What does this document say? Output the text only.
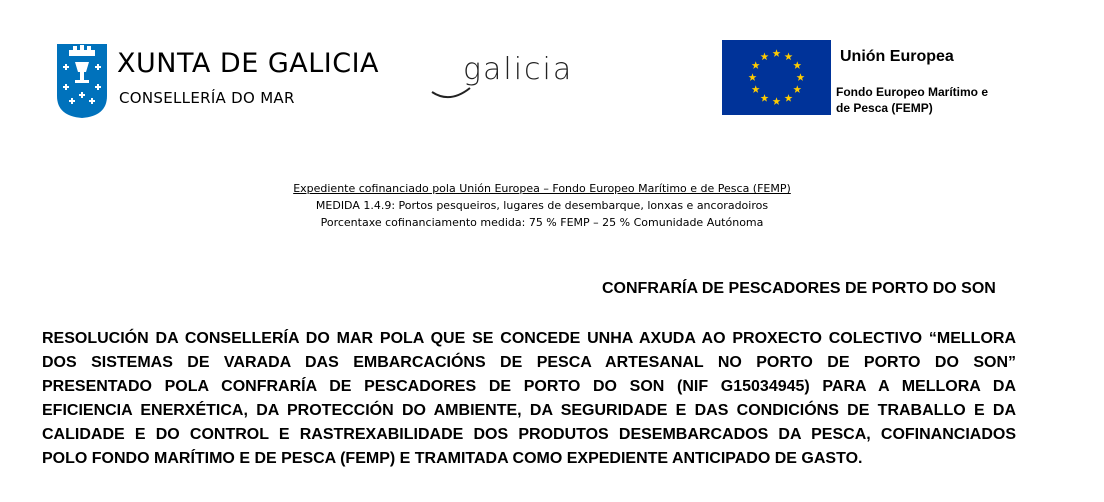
XUNTA DE GALICIA
CONSELLERÍA DO MAR
galicia	Unión Europea
Fondo Europeo Marítimo e
de Pesca (FEMP)
Expediente cofinanciado pola Unión Europea – Fondo Europeo Marítimo e de Pesca (FEMP)
MEDIDA 1.4.9: Portos pesqueiros, lugares de desembarque, lonxas e ancoradoiros
Porcentaxe cofinanciamento medida: 75 % FEMP – 25 % Comunidade Autónoma
CONFRARÍA DE PESCADORES DE PORTO DO SON
RESOLUCIÓN DA CONSELLERÍA DO MAR POLA QUE SE CONCEDE UNHA AXUDA AO PROXECTO COLECTIVO “MELLORA
DOS SISTEMAS DE VARADA DAS EMBARCACIÓNS DE PESCA ARTESANAL NO PORTO DE PORTO DO SON”
PRESENTADO POLA CONFRARÍA DE PESCADORES DE PORTO DO SON (NIF G15034945) PARA A MELLORA DA
EFICIENCIA ENERXÉTICA, DA PROTECCIÓN DO AMBIENTE, DA SEGURIDADE E DAS CONDICIÓNS DE TRABALLO E DA
CALIDADE E DO CONTROL E RASTREXABILIDADE DOS PRODUTOS DESEMBARCADOS DA PESCA, COFINANCIADOS
POLO FONDO MARÍTIMO E DE PESCA (FEMP) E TRAMITADA COMO EXPEDIENTE ANTICIPADO DE GASTO.
